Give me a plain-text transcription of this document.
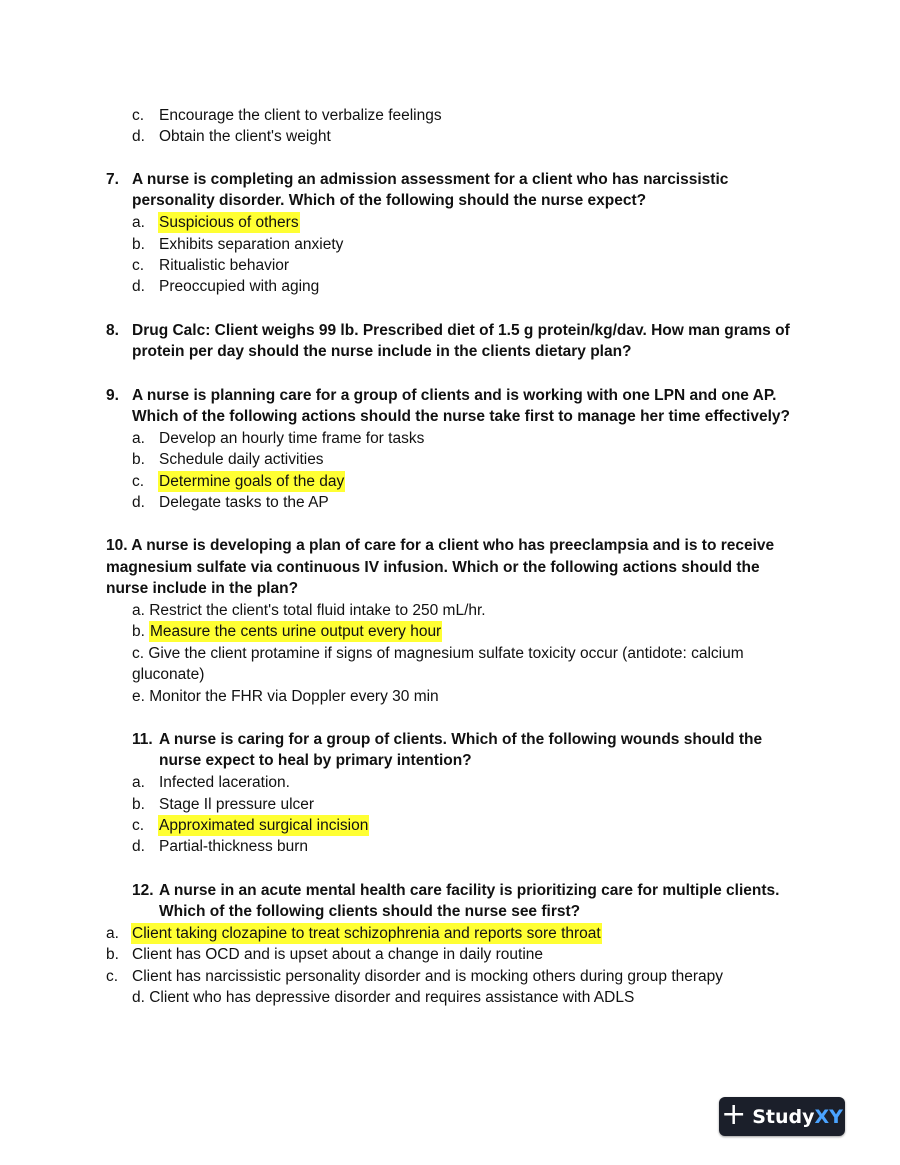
c. Encourage the client to verbalize feelings
d. Obtain the client's weight
7. A nurse is completing an admission assessment for a client who has narcissistic
personality disorder. Which of the following should the nurse expect?
a. Suspicious of others
b. Exhibits separation anxiety
c. Ritualistic behavior
d. Preoccupied with aging
8. Drug Calc: Client weighs 99 lb. Prescribed diet of 1.5 g protein/kg/dav. How man grams of
protein per day should the nurse include in the clients dietary plan?
9. A nurse is planning care for a group of clients and is working with one LPN and one AP.
Which of the following actions should the nurse take first to manage her time effectively?
a. Develop an hourly time frame for tasks
b. Schedule daily activities
c. Determine goals of the day
d. Delegate tasks to the AP
10. A nurse is developing a plan of care for a client who has preeclampsia and is to receive
magnesium sulfate via continuous IV infusion. Which or the following actions should the
nurse include in the plan?
a. Restrict the client's total fluid intake to 250 mL/hr.
b. Measure the cents urine output every hour
c. Give the client protamine if signs of magnesium sulfate toxicity occur (antidote: calcium
gluconate)
e. Monitor the FHR via Doppler every 30 min
11. A nurse is caring for a group of clients. Which of the following wounds should the
nurse expect to heal by primary intention?
a. Infected laceration.
b. Stage Il pressure ulcer
c. Approximated surgical incision
d. Partial-thickness burn
12. A nurse in an acute mental health care facility is prioritizing care for multiple clients.
Which of the following clients should the nurse see first?
a. Client taking clozapine to treat schizophrenia and reports sore throat
b. Client has OCD and is upset about a change in daily routine
c. Client has narcissistic personality disorder and is mocking others during group therapy
d. Client who has depressive disorder and requires assistance with ADLS
+ Study XY
